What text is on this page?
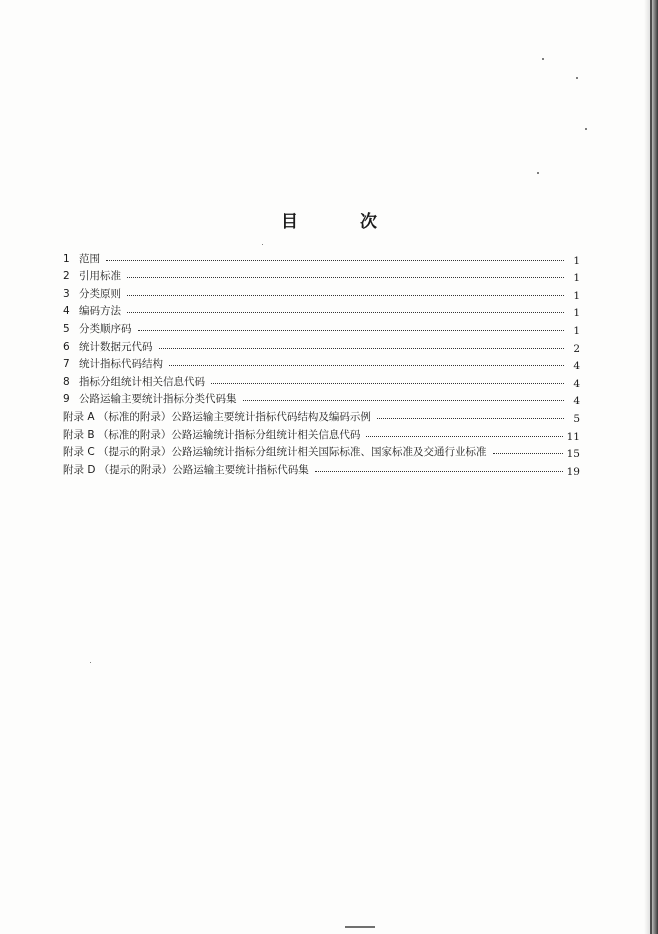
目 次
1 范围	1
2 引用标准	1
3 分类原则	1
4 编码方法	1
5 分类顺序码	1
6 统计数据元代码	2
7 统计指标代码结构	4
8 指标分组统计相关信息代码	4
9 公路运输主要统计指标分类代码集	4
附录 A （标准的附录）公路运输主要统计指标代码结构及编码示例	5
附录 B （标准的附录）公路运输统计指标分组统计相关信息代码	11
附录 C （提示的附录）公路运输统计指标分组统计相关国际标准、国家标准及交通行业标准	15
附录 D （提示的附录）公路运输主要统计指标代码集	19
